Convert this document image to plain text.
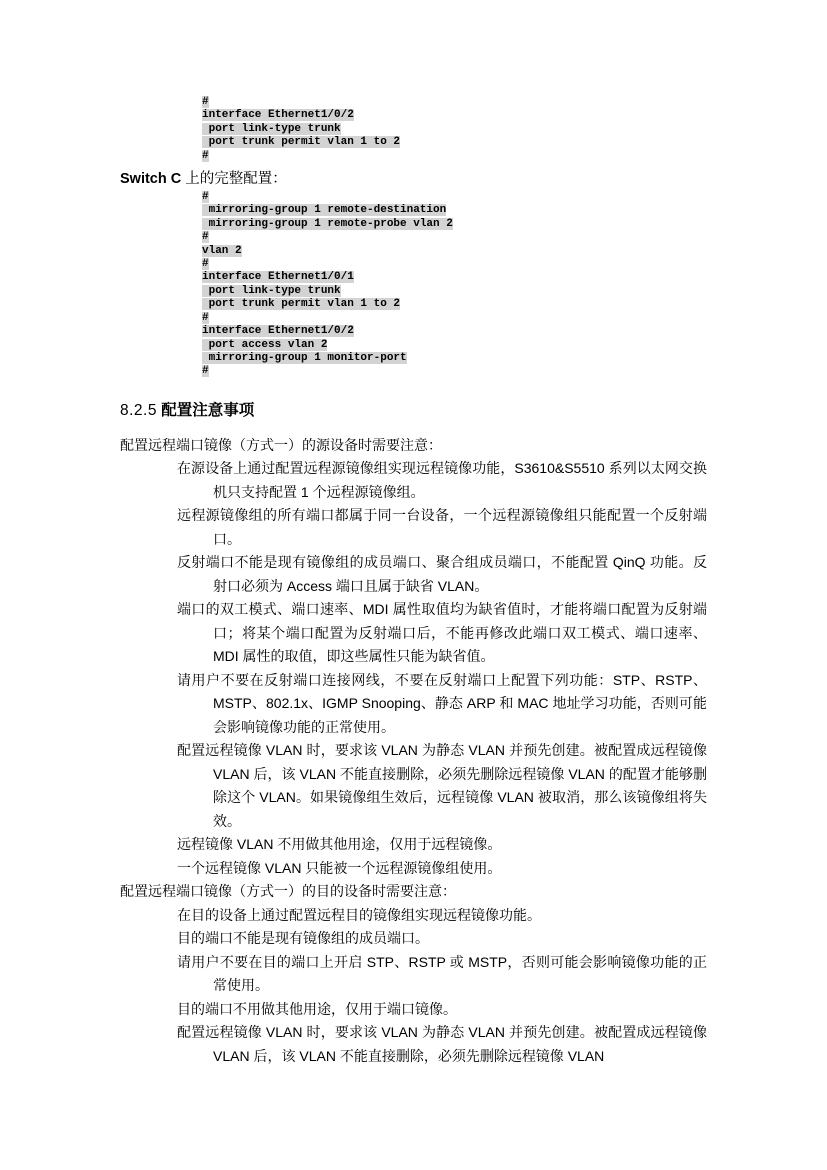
#
interface Ethernet1/0/2
port link-type trunk
port trunk permit vlan 1 to 2
#
Switch C 上的完整配置：
#
mirroring-group 1 remote-destination
mirroring-group 1 remote-probe vlan 2
#
vlan 2
#
interface Ethernet1/0/1
port link-type trunk
port trunk permit vlan 1 to 2
#
interface Ethernet1/0/2
port access vlan 2
mirroring-group 1 monitor-port
#
8.2.5 配置注意事项
配置远程端口镜像（方式一）的源设备时需要注意：
在源设备上通过配置远程源镜像组实现远程镜像功能，S3610&S5510 系列以太网交换机只支持配置 1 个远程源镜像组。
远程源镜像组的所有端口都属于同一台设备，一个远程源镜像组只能配置一个反射端口。
反射端口不能是现有镜像组的成员端口、聚合组成员端口，不能配置 QinQ 功能。反射口必须为 Access 端口且属于缺省 VLAN。
端口的双工模式、端口速率、MDI 属性取值均为缺省值时，才能将端口配置为反射端口；将某个端口配置为反射端口后，不能再修改此端口双工模式、端口速率、MDI 属性的取值，即这些属性只能为缺省值。
请用户不要在反射端口连接网线，不要在反射端口上配置下列功能：STP、RSTP、MSTP、802.1x、IGMP Snooping、静态 ARP 和 MAC 地址学习功能，否则可能会影响镜像功能的正常使用。
配置远程镜像 VLAN 时，要求该 VLAN 为静态 VLAN 并预先创建。被配置成远程镜像 VLAN 后，该 VLAN 不能直接删除，必须先删除远程镜像 VLAN 的配置才能够删除这个 VLAN。如果镜像组生效后，远程镜像 VLAN 被取消，那么该镜像组将失效。
远程镜像 VLAN 不用做其他用途，仅用于远程镜像。
一个远程镜像 VLAN 只能被一个远程源镜像组使用。
配置远程端口镜像（方式一）的目的设备时需要注意：
在目的设备上通过配置远程目的镜像组实现远程镜像功能。
目的端口不能是现有镜像组的成员端口。
请用户不要在目的端口上开启 STP、RSTP 或 MSTP，否则可能会影响镜像功能的正常使用。
目的端口不用做其他用途，仅用于端口镜像。
配置远程镜像 VLAN 时，要求该 VLAN 为静态 VLAN 并预先创建。被配置成远程镜像 VLAN 后，该 VLAN 不能直接删除，必须先删除远程镜像 VLAN
